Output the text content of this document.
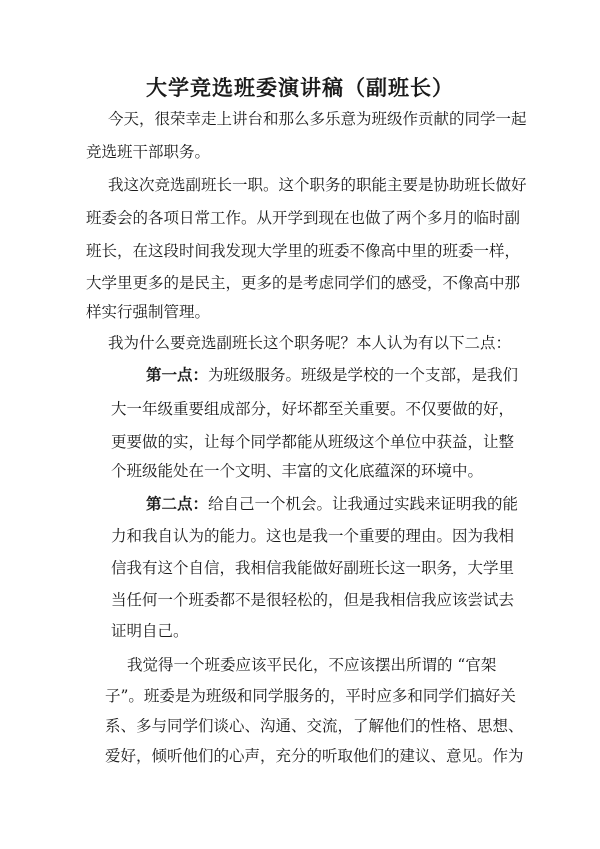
大学竞选班委演讲稿（副班长）
今天，很荣幸走上讲台和那么多乐意为班级作贡献的同学一起
竞选班干部职务。
我这次竞选副班长一职。这个职务的职能主要是协助班长做好
班委会的各项日常工作。从开学到现在也做了两个多月的临时副
班长，在这段时间我发现大学里的班委不像高中里的班委一样，
大学里更多的是民主，更多的是考虑同学们的感受，不像高中那
样实行强制管理。
我为什么要竞选副班长这个职务呢？本人认为有以下二点：
第一点：为班级服务。班级是学校的一个支部，是我们
大一年级重要组成部分，好坏都至关重要。不仅要做的好，
更要做的实，让每个同学都能从班级这个单位中获益，让整
个班级能处在一个文明、丰富的文化底蕴深的环境中。
第二点：给自己一个机会。让我通过实践来证明我的能
力和我自认为的能力。这也是我一个重要的理由。因为我相
信我有这个自信，我相信我能做好副班长这一职务，大学里
当任何一个班委都不是很轻松的，但是我相信我应该尝试去
证明自己。
我觉得一个班委应该平民化，不应该摆出所谓的 “官架
子”。班委是为班级和同学服务的，平时应多和同学们搞好关
系、多与同学们谈心、沟通、交流，了解他们的性格、思想、
爱好，倾听他们的心声，充分的听取他们的建议、意见。作为
